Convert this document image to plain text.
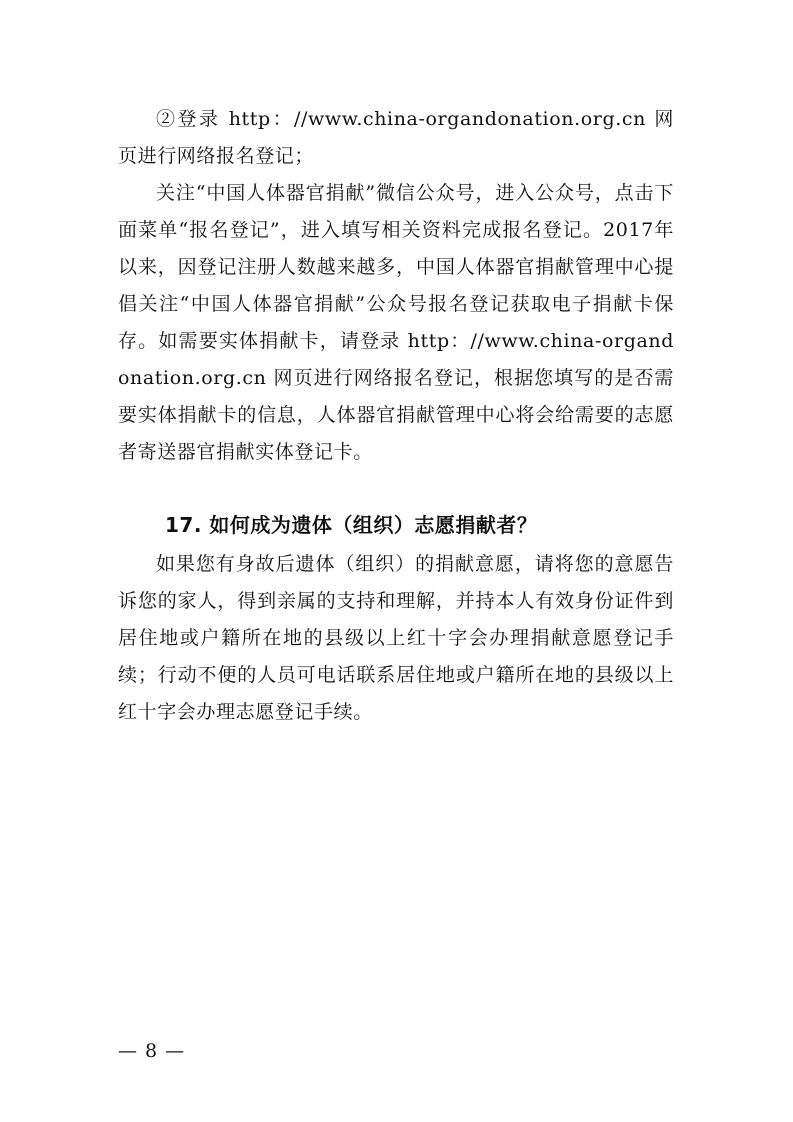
②登录 http：//www.china-organdonation.org.cn 网页进行网络报名登记；

关注“中国人体器官捐献”微信公众号，进入公众号，点击下面菜单“报名登记”，进入填写相关资料完成报名登记。2017年以来，因登记注册人数越来越多，中国人体器官捐献管理中心提倡关注“中国人体器官捐献”公众号报名登记获取电子捐献卡保存。如需要实体捐献卡，请登录 http：//www.china-organdonation.org.cn 网页进行网络报名登记，根据您填写的是否需要实体捐献卡的信息，人体器官捐献管理中心将会给需要的志愿者寄送器官捐献实体登记卡。

17. 如何成为遗体（组织）志愿捐献者？

如果您有身故后遗体（组织）的捐献意愿，请将您的意愿告诉您的家人，得到亲属的支持和理解，并持本人有效身份证件到居住地或户籍所在地的县级以上红十字会办理捐献意愿登记手续；行动不便的人员可电话联系居住地或户籍所在地的县级以上红十字会办理志愿登记手续。

— 8 —
